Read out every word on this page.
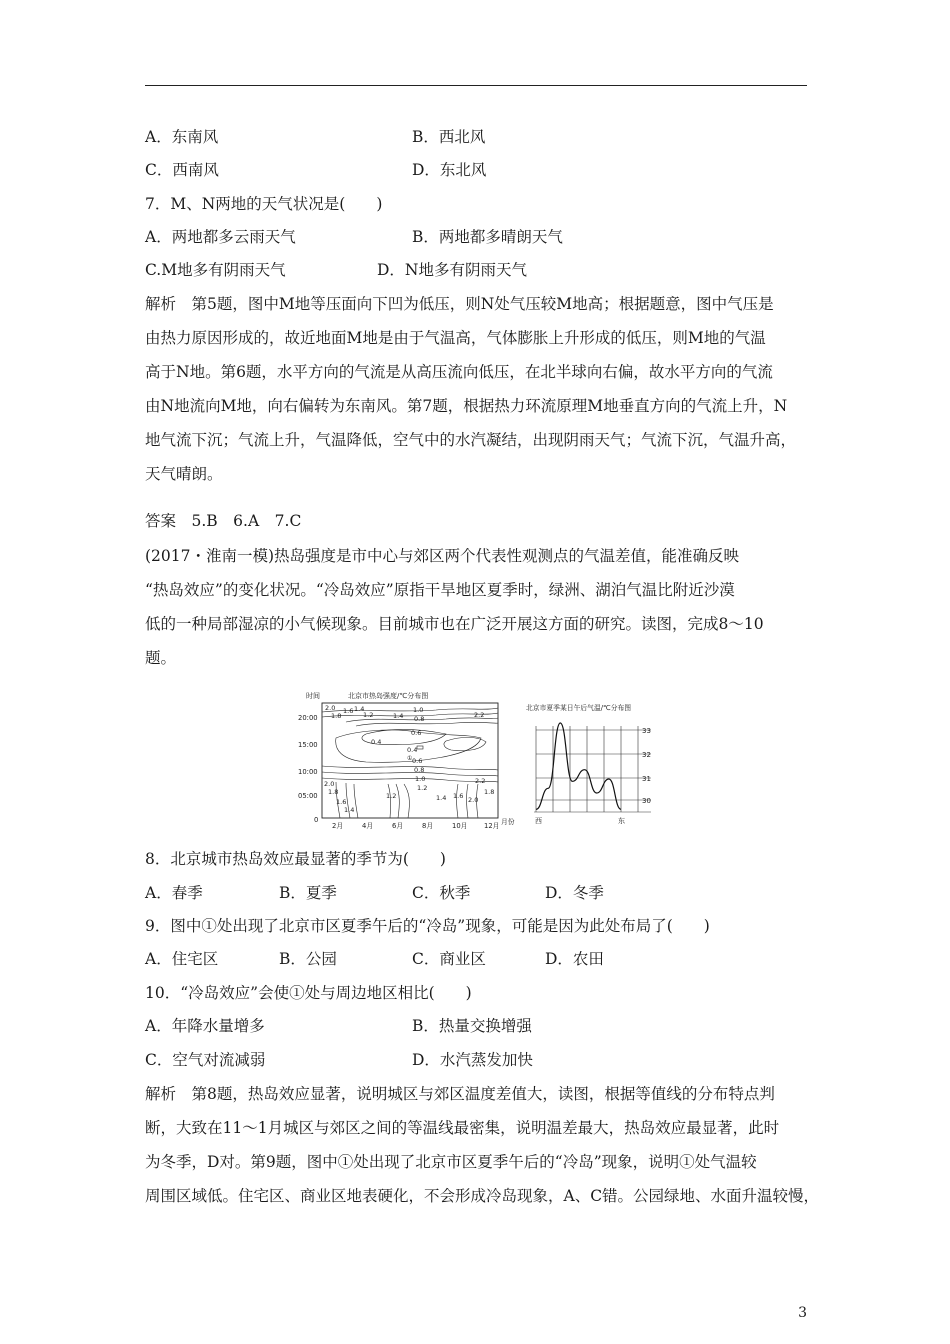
A．东南风	B．西北风
C．西南风	D．东北风
7．M、N两地的天气状况是(　　)
A．两地都多云雨天气	B．两地都多晴朗天气
C.M地多有阴雨天气	D．N地多有阴雨天气
解析　第5题，图中M地等压面向下凹为低压，则N处气压较M地高；根据题意，图中气压是
由热力原因形成的，故近地面M地是由于气温高，气体膨胀上升形成的低压，则M地的气温
高于N地。第6题，水平方向的气流是从高压流向低压，在北半球向右偏，故水平方向的气流
由N地流向M地，向右偏转为东南风。第7题，根据热力环流原理M地垂直方向的气流上升，N
地气流下沉；气流上升，气温降低，空气中的水汽凝结，出现阴雨天气；气流下沉，气温升高，
天气晴朗。
答案　5.B　6.A　7.C
(2017・淮南一模)热岛强度是市中心与郊区两个代表性观测点的气温差值，能准确反映
“热岛效应”的变化状况。“冷岛效应”原指干旱地区夏季时，绿洲、湖泊气温比附近沙漠
低的一种局部湿凉的小气候现象。目前城市也在广泛开展这方面的研究。读图，完成8～10
题。
时间	北京市热岛强度/℃分布图
2.0
1.8
1.6 1.4
1.2	1.4
1.0
0.8	2.2
0.6
0.4
0.4
0.6
0.8
1.0
1.2
1.4 1.6	1.8
2.0
2.2
2.0
1.8
1.6
1.4
1.2
①
20:00
15:00
10:00
05:00
0
2月	4月	6月	8月	10月 12月 月份
北京市夏季某日午后气温/℃分布图
33
32
31
30
西	东
8．北京城市热岛效应最显著的季节为(　　)
A．春季	B．夏季	C．秋季	D．冬季
9．图中①处出现了北京市区夏季午后的“冷岛”现象，可能是因为此处布局了(　　)
A．住宅区	B．公园	C．商业区	D．农田
10．“冷岛效应”会使①处与周边地区相比(　　)
A．年降水量增多	B．热量交换增强
C．空气对流减弱	D．水汽蒸发加快
解析　第8题，热岛效应显著，说明城区与郊区温度差值大，读图，根据等值线的分布特点判
断，大致在11～1月城区与郊区之间的等温线最密集，说明温差最大，热岛效应最显著，此时
为冬季，D对。第9题，图中①处出现了北京市区夏季午后的“冷岛”现象，说明①处气温较
周围区域低。住宅区、商业区地表硬化，不会形成冷岛现象，A、C错。公园绿地、水面升温较慢，
3
